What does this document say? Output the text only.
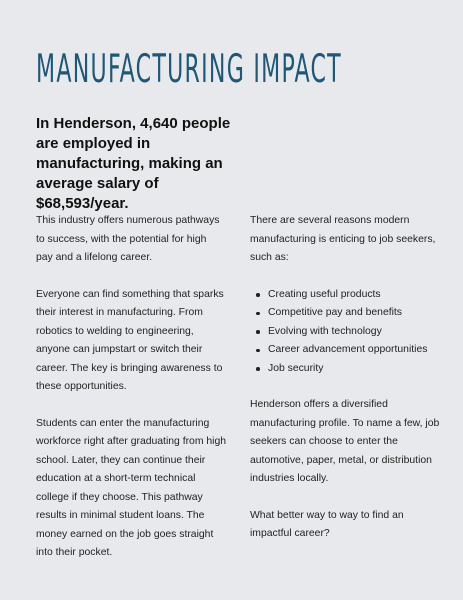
MANUFACTURING IMPACT
In Henderson, 4,640 people are employed in manufacturing, making an average salary of $68,593/year.

This industry offers numerous pathways to success, with the potential for high pay and a lifelong career.

Everyone can find something that sparks their interest in manufacturing. From robotics to welding to engineering, anyone can jumpstart or switch their career. The key is bringing awareness to these opportunities.

Students can enter the manufacturing workforce right after graduating from high school. Later, they can continue their education at a short-term technical college if they choose. This pathway results in minimal student loans. The money earned on the job goes straight into their pocket.

There are several reasons modern manufacturing is enticing to job seekers, such as:

Creating useful products
Competitive pay and benefits
Evolving with technology
Career advancement opportunities
Job security

Henderson offers a diversified manufacturing profile. To name a few, job seekers can choose to enter the automotive, paper, metal, or distribution industries locally.

What better way to way to find an impactful career?
